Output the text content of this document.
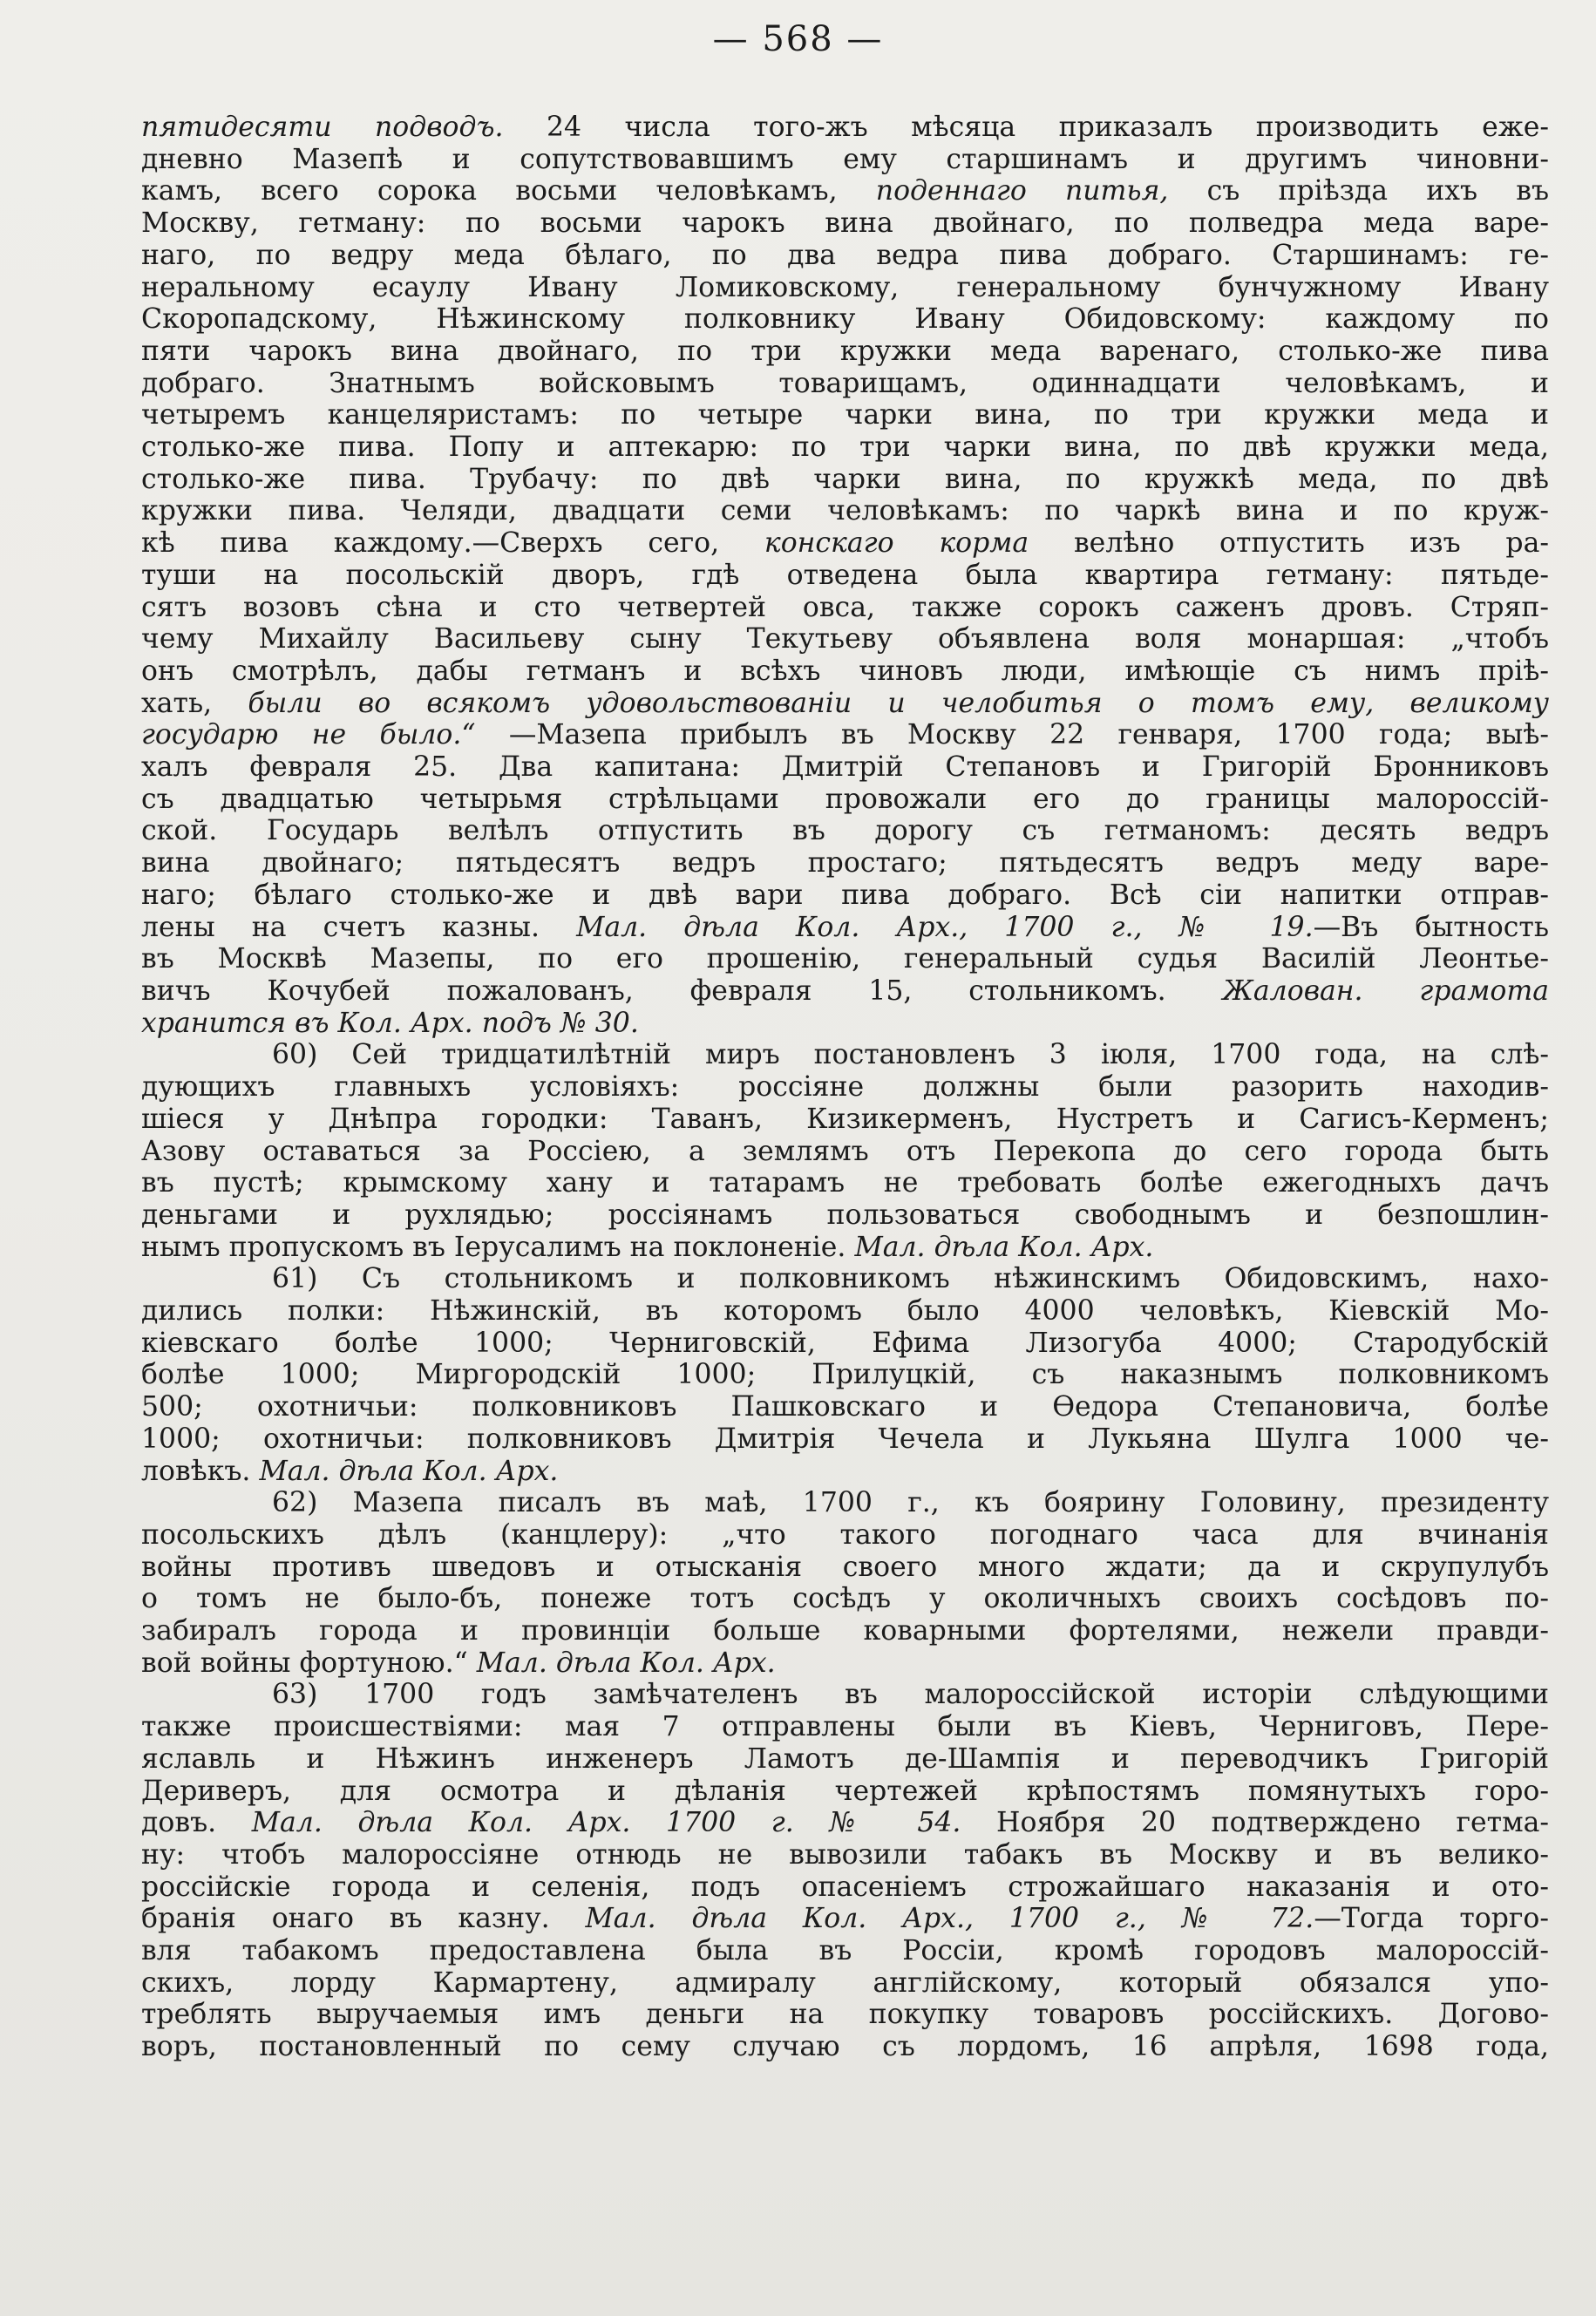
— 568 —
пятидесяти подводъ. 24 числа того-жъ мѣсяца приказалъ производить еже-
дневно Мазепѣ и сопутствовавшимъ ему старшинамъ и другимъ чиновни-
камъ, всего сорока восьми человѣкамъ, поденнаго питья, съ пріѣзда ихъ въ
Москву, гетману: по восьми чарокъ вина двойнаго, по полведра меда варе-
наго, по ведру меда бѣлаго, по два ведра пива добраго. Старшинамъ: ге-
неральному есаулу Ивану Ломиковскому, генеральному бунчужному Ивану
Скоропадскому, Нѣжинскому полковнику Ивану Обидовскому: каждому по
пяти чарокъ вина двойнаго, по три кружки меда варенаго, столько-же пива
добраго. Знатнымъ войсковымъ товарищамъ, одиннадцати человѣкамъ, и
четыремъ канцеляристамъ: по четыре чарки вина, по три кружки меда и
столько-же пива. Попу и аптекарю: по три чарки вина, по двѣ кружки меда,
столько-же пива. Трубачу: по двѣ чарки вина, по кружкѣ меда, по двѣ
кружки пива. Челяди, двадцати семи человѣкамъ: по чаркѣ вина и по круж-
кѣ пива каждому.—Сверхъ сего, конскаго корма велѣно отпустить изъ ра-
туши на посольскій дворъ, гдѣ отведена была квартира гетману: пятьде-
сятъ возовъ сѣна и сто четвертей овса, также сорокъ саженъ дровъ. Стряп-
чему Михайлу Васильеву сыну Текутьеву объявлена воля монаршая: „чтобъ
онъ смотрѣлъ, дабы гетманъ и всѣхъ чиновъ люди, имѣющіе съ нимъ пріѣ-
хать, были во всякомъ удовольствованіи и челобитья о томъ ему, великому
государю не было.“ —Мазепа прибылъ въ Москву 22 генваря, 1700 года; выѣ-
халъ февраля 25. Два капитана: Дмитрій Степановъ и Григорій Бронниковъ
съ двадцатью четырьмя стрѣльцами провожали его до границы малороссій-
ской. Государь велѣлъ отпустить въ дорогу съ гетманомъ: десять ведръ
вина двойнаго; пятьдесятъ ведръ простаго; пятьдесятъ ведръ меду варе-
наго; бѣлаго столько-же и двѣ вари пива добраго. Всѣ сіи напитки отправ-
лены на счетъ казны. Мал. дѣла Кол. Арх., 1700 г., № 19.—Въ бытность
въ Москвѣ Мазепы, по его прошенію, генеральный судья Василій Леонтье-
вичъ Кочубей пожалованъ, февраля 15, стольникомъ. Жалован. грамота
хранится въ Кол. Арх. подъ № 30.
60) Сей тридцатилѣтній миръ постановленъ 3 іюля, 1700 года, на слѣ-
дующихъ главныхъ условіяхъ: россіяне должны были разорить находив-
шіеся у Днѣпра городки: Таванъ, Кизикерменъ, Нустретъ и Сагисъ-Керменъ;
Азову оставаться за Россіею, а землямъ отъ Перекопа до сего города быть
въ пустѣ; крымскому хану и татарамъ не требовать болѣе ежегодныхъ дачъ
деньгами и рухлядью; россіянамъ пользоваться свободнымъ и безпошлин-
нымъ пропускомъ въ Іерусалимъ на поклоненіе. Мал. дѣла Кол. Арх.
61) Съ стольникомъ и полковникомъ нѣжинскимъ Обидовскимъ, нахо-
дились полки: Нѣжинскій, въ которомъ было 4000 человѣкъ, Кіевскій Мо-
кіевскаго болѣе 1000; Черниговскій, Ефима Лизогуба 4000; Стародубскій
болѣе 1000; Миргородскій 1000; Прилуцкій, съ наказнымъ полковникомъ
500; охотничьи: полковниковъ Пашковскаго и Ѳедора Степановича, болѣе
1000; охотничьи: полковниковъ Дмитрія Чечела и Лукьяна Шулга 1000 че-
ловѣкъ. Мал. дѣла Кол. Арх.
62) Мазепа писалъ въ маѣ, 1700 г., къ боярину Головину, президенту
посольскихъ дѣлъ (канцлеру): „что такого погоднаго часа для вчинанія
войны противъ шведовъ и отысканія своего много ждати; да и скрупулубъ
о томъ не было-бъ, понеже тотъ сосѣдъ у околичныхъ своихъ сосѣдовъ по-
забиралъ города и провинціи больше коварными фортелями, нежели правди-
вой войны фортуною.“ Мал. дѣла Кол. Арх.
63) 1700 годъ замѣчателенъ въ малороссійской исторіи слѣдующими
также происшествіями: мая 7 отправлены были въ Кіевъ, Черниговъ, Пере-
яславль и Нѣжинъ инженеръ Ламотъ де-Шампія и переводчикъ Григорій
Дериверъ, для осмотра и дѣланія чертежей крѣпостямъ помянутыхъ горо-
довъ. Мал. дѣла Кол. Арх. 1700 г. № 54. Ноября 20 подтверждено гетма-
ну: чтобъ малороссіяне отнюдь не вывозили табакъ въ Москву и въ велико-
россійскіе города и селенія, подъ опасеніемъ строжайшаго наказанія и ото-
бранія онаго въ казну. Мал. дѣла Кол. Арх., 1700 г., № 72.—Тогда торго-
вля табакомъ предоставлена была въ Россіи, кромѣ городовъ малороссій-
скихъ, лорду Кармартену, адмиралу англійскому, который обязался упо-
треблять выручаемыя имъ деньги на покупку товаровъ россійскихъ. Догово-
воръ, постановленный по сему случаю съ лордомъ, 16 апрѣля, 1698 года,
